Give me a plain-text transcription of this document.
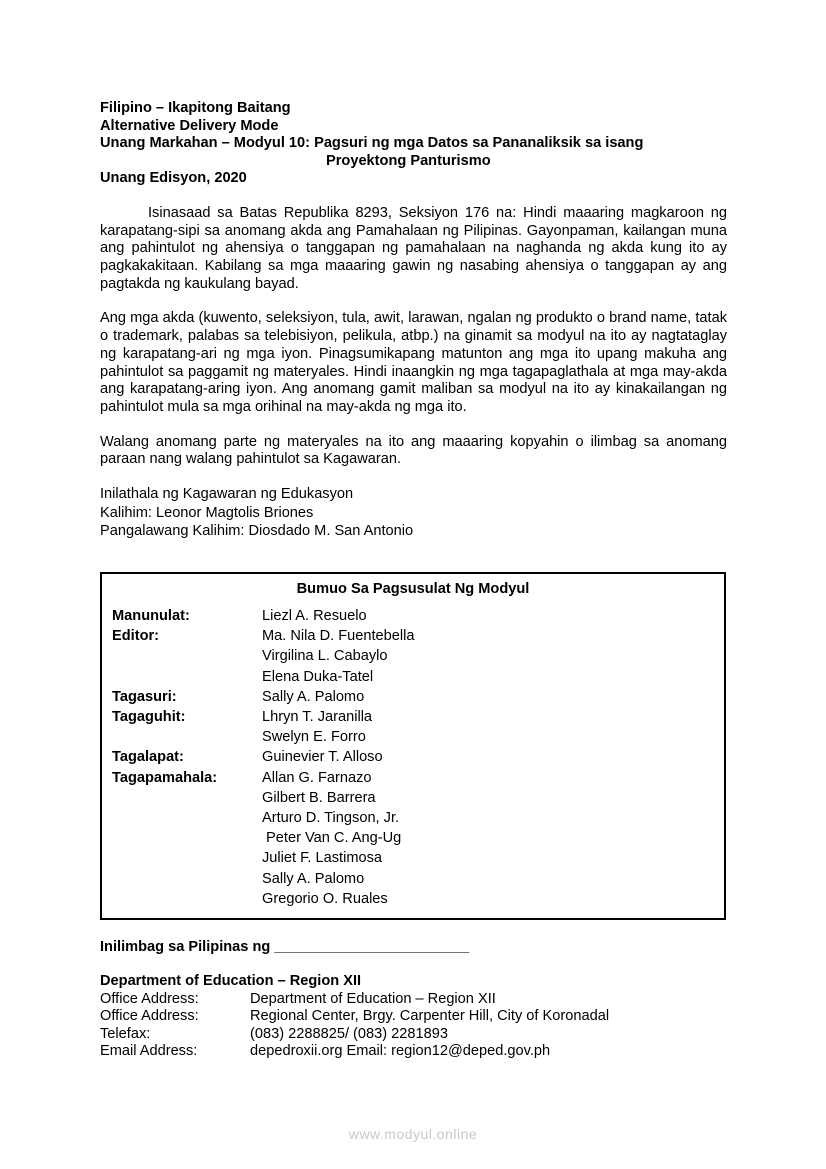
Filipino – Ikapitong Baitang
Alternative Delivery Mode
Unang Markahan – Modyul 10: Pagsuri ng mga Datos sa Pananaliksik sa isang
Proyektong Panturismo
Unang Edisyon, 2020

Isinasaad sa Batas Republika 8293, Seksiyon 176 na: Hindi maaaring magkaroon ng karapatang-sipi sa anomang akda ang Pamahalaan ng Pilipinas. Gayonpaman, kailangan muna ang pahintulot ng ahensiya o tanggapan ng pamahalaan na naghanda ng akda kung ito ay pagkakakitaan. Kabilang sa mga maaaring gawin ng nasabing ahensiya o tanggapan ay ang pagtakda ng kaukulang bayad.

Ang mga akda (kuwento, seleksiyon, tula, awit, larawan, ngalan ng produkto o brand name, tatak o trademark, palabas sa telebisiyon, pelikula, atbp.) na ginamit sa modyul na ito ay nagtataglay ng karapatang-ari ng mga iyon. Pinagsumikapang matunton ang mga ito upang makuha ang pahintulot sa paggamit ng materyales. Hindi inaangkin ng mga tagapaglathala at mga may-akda ang karapatang-aring iyon. Ang anomang gamit maliban sa modyul na ito ay kinakailangan ng pahintulot mula sa mga orihinal na may-akda ng mga ito.

Walang anomang parte ng materyales na ito ang maaaring kopyahin o ilimbag sa anomang paraan nang walang pahintulot sa Kagawaran.

Inilathala ng Kagawaran ng Edukasyon
Kalihim: Leonor Magtolis Briones
Pangalawang Kalihim: Diosdado M. San Antonio
Bumuo Sa Pagsusulat Ng Modyul
Manunulat:	Liezl A. Resuelo
Editor:	Ma. Nila D. Fuentebella
Virgilina L. Cabaylo
Elena Duka-Tatel
Tagasuri:	Sally A. Palomo
Tagaguhit:	Lhryn T. Jaranilla
Swelyn E. Forro
Tagalapat:	Guinevier T. Alloso
Tagapamahala:	Allan G. Farnazo
Gilbert B. Barrera
Arturo D. Tingson, Jr.
Peter Van C. Ang-Ug
Juliet F. Lastimosa
Sally A. Palomo
Gregorio O. Ruales
Inilimbag sa Pilipinas ng ________________________
Department of Education – Region XII
Office Address:	Department of Education – Region XII
Office Address:	Regional Center, Brgy. Carpenter Hill, City of Koronadal
Telefax:	(083) 2288825/ (083) 2281893
Email Address:	depedroxii.org Email: region12@deped.gov.ph
www.modyul.online
